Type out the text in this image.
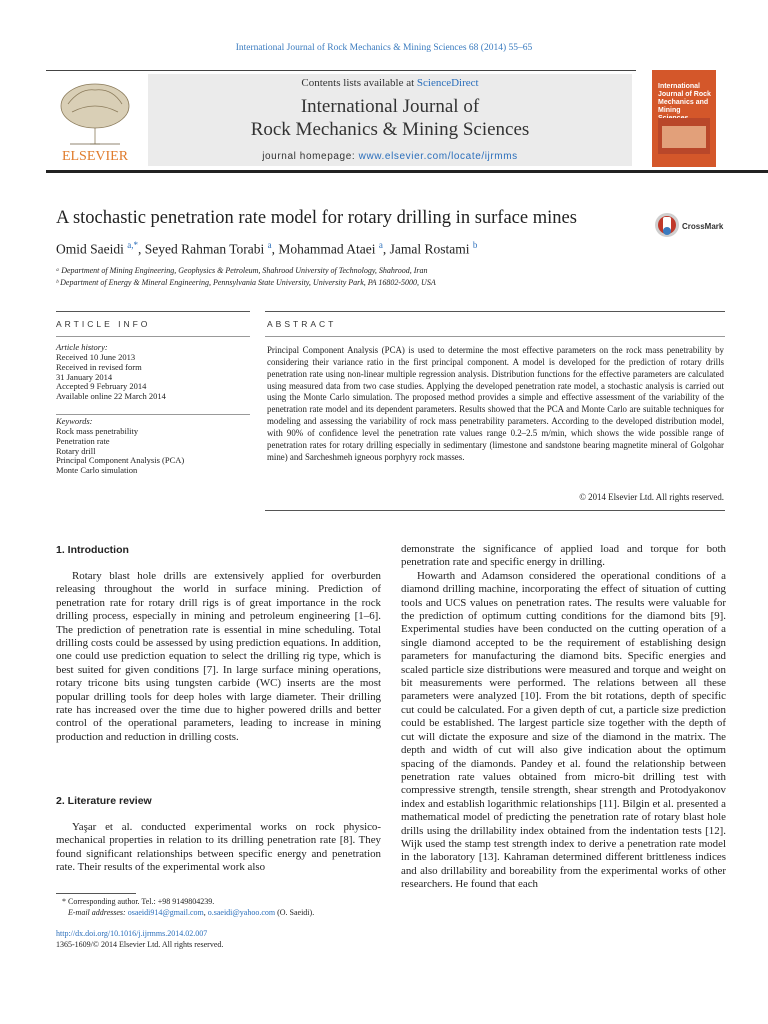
International Journal of Rock Mechanics & Mining Sciences 68 (2014) 55–65
ELSEVIER
Contents lists available at ScienceDirect
International Journal of
Rock Mechanics & Mining Sciences
journal homepage: www.elsevier.com/locate/ijrmms
International Journal of Rock Mechanics and Mining
A stochastic penetration rate model for rotary drilling in surface mines	CrossMark
Omid Saeidi $^{a,*}$, Seyed Rahman Torabi $^a$, Mohammad Ataei $^a$, Jamal Rostami $^b$
ᵃ Department of Mining Engineering, Geophysics & Petroleum, Shahrood University of Technology, Shahrood, Iran
ᵇ Department of Energy & Mineral Engineering, Pennsylvania State University, University Park, PA 16802-5000, USA
ARTICLE INFO	ABSTRACT
Article history:
Received 10 June 2013
Received in revised form
31 January 2014
Accepted 9 February 2014
Available online 22 March 2014
Keywords:
Rock mass penetrability
Penetration rate
Rotary drill
Principal Component Analysis (PCA)
Monte Carlo simulation
Principal Component Analysis (PCA) is used to determine the most effective parameters on the rock mass penetrability by considering their variance ratio in the first principal component. A model is developed for the prediction of rotary drills penetration rate using non-linear multiple regression analysis. Distribution functions for the effective parameters are calculated using measured data from two case studies. Applying the developed penetration rate model, a stochastic analysis is carried out using the Monte Carlo simulation. The proposed method provides a simple and effective assessment of the variability of the penetration rate model and its dependent parameters. Results showed that the PCA and Monte Carlo are suitable techniques for modeling and assessing the variability of rock mass penetrability parameters. According to the developed distribution model, with 90% of confidence level the penetration rate values range 0.2–2.5 m/min, which shows the wide possible range of penetration rates for rotary drilling especially in sedimentary (limestone and sandstone bearing magnetite mineral of Golgohar mine) and Sarcheshmeh igneous porphyry rock masses.
© 2014 Elsevier Ltd. All rights reserved.
1. Introduction

Rotary blast hole drills are extensively applied for overburden releasing throughout the world in surface mining. Prediction of penetration rate for rotary drill rigs is of great importance in the rock drilling process, especially in mining and petroleum engineering [1–6]. The prediction of penetration rate is essential in mine scheduling. Total drilling costs could be assessed by using prediction equations. In addition, one could use prediction equation to select the drilling rig type, which is best suited for given conditions [7]. In large surface mining operations, rotary tricone bits using tungsten carbide (WC) inserts are the most popular drilling tools for deep holes with large diameter. Their drilling rate has increased over the time due to higher powered drills and better control of the operational parameters, leading to increase in mining production and reduction in drilling costs.

2. Literature review

Yaşar et al. conducted experimental works on rock physico-mechanical properties in relation to its drilling penetration rate [8]. They found significant relationships between specific energy and penetration rate. Their results of the experimental work also

demonstrate the significance of applied load and torque for both penetration rate and specific energy in drilling.

Howarth and Adamson considered the operational conditions of a diamond drilling machine, incorporating the effect of situation of cutting tools and UCS values on penetration rates. The results were valuable for the prediction of optimum cutting conditions for the diamond bits [9]. Experimental studies have been conducted on the cutting operation of a single diamond accepted to be the requirement of establishing design parameters for manufacturing the diamond bits. Specific energies and scaled particle size distributions were measured and torque and weight on bit measurements were performed. The relations between all these parameters were analyzed [10]. From the bit rotations, depth of specific cut could be calculated. For a given depth of cut, a particle size prediction could be established. The largest particle size together with the depth of cut will dictate the exposure and size of the diamond in the matrix. The depth and width of cut will also give indication about the optimum spacing of the diamonds. Pandey et al. found the relationship between penetration rate values obtained from micro-bit drilling test with compressive strength, tensile strength, shear strength and Protodyakonov index and establish logarithmic relationships [11]. Bilgin et al. presented a mathematical model of predicting the penetration rate of rotary blast hole drills using the drillability index obtained from the indentation tests [12]. Wijk used the stamp test strength index to derive a penetration rate model in the laboratory [13]. Kahraman determined different brittleness indices and also drillability and boreability from the experimental works of other researchers. He found that each

* Corresponding author. Tel.: +98 9149804239.
E-mail addresses: osaeidi914@gmail.com, o.saeidi@yahoo.com (O. Saeidi).
http://dx.doi.org/10.1016/j.ijrmms.2014.02.007
1365-1609/© 2014 Elsevier Ltd. All rights reserved.
